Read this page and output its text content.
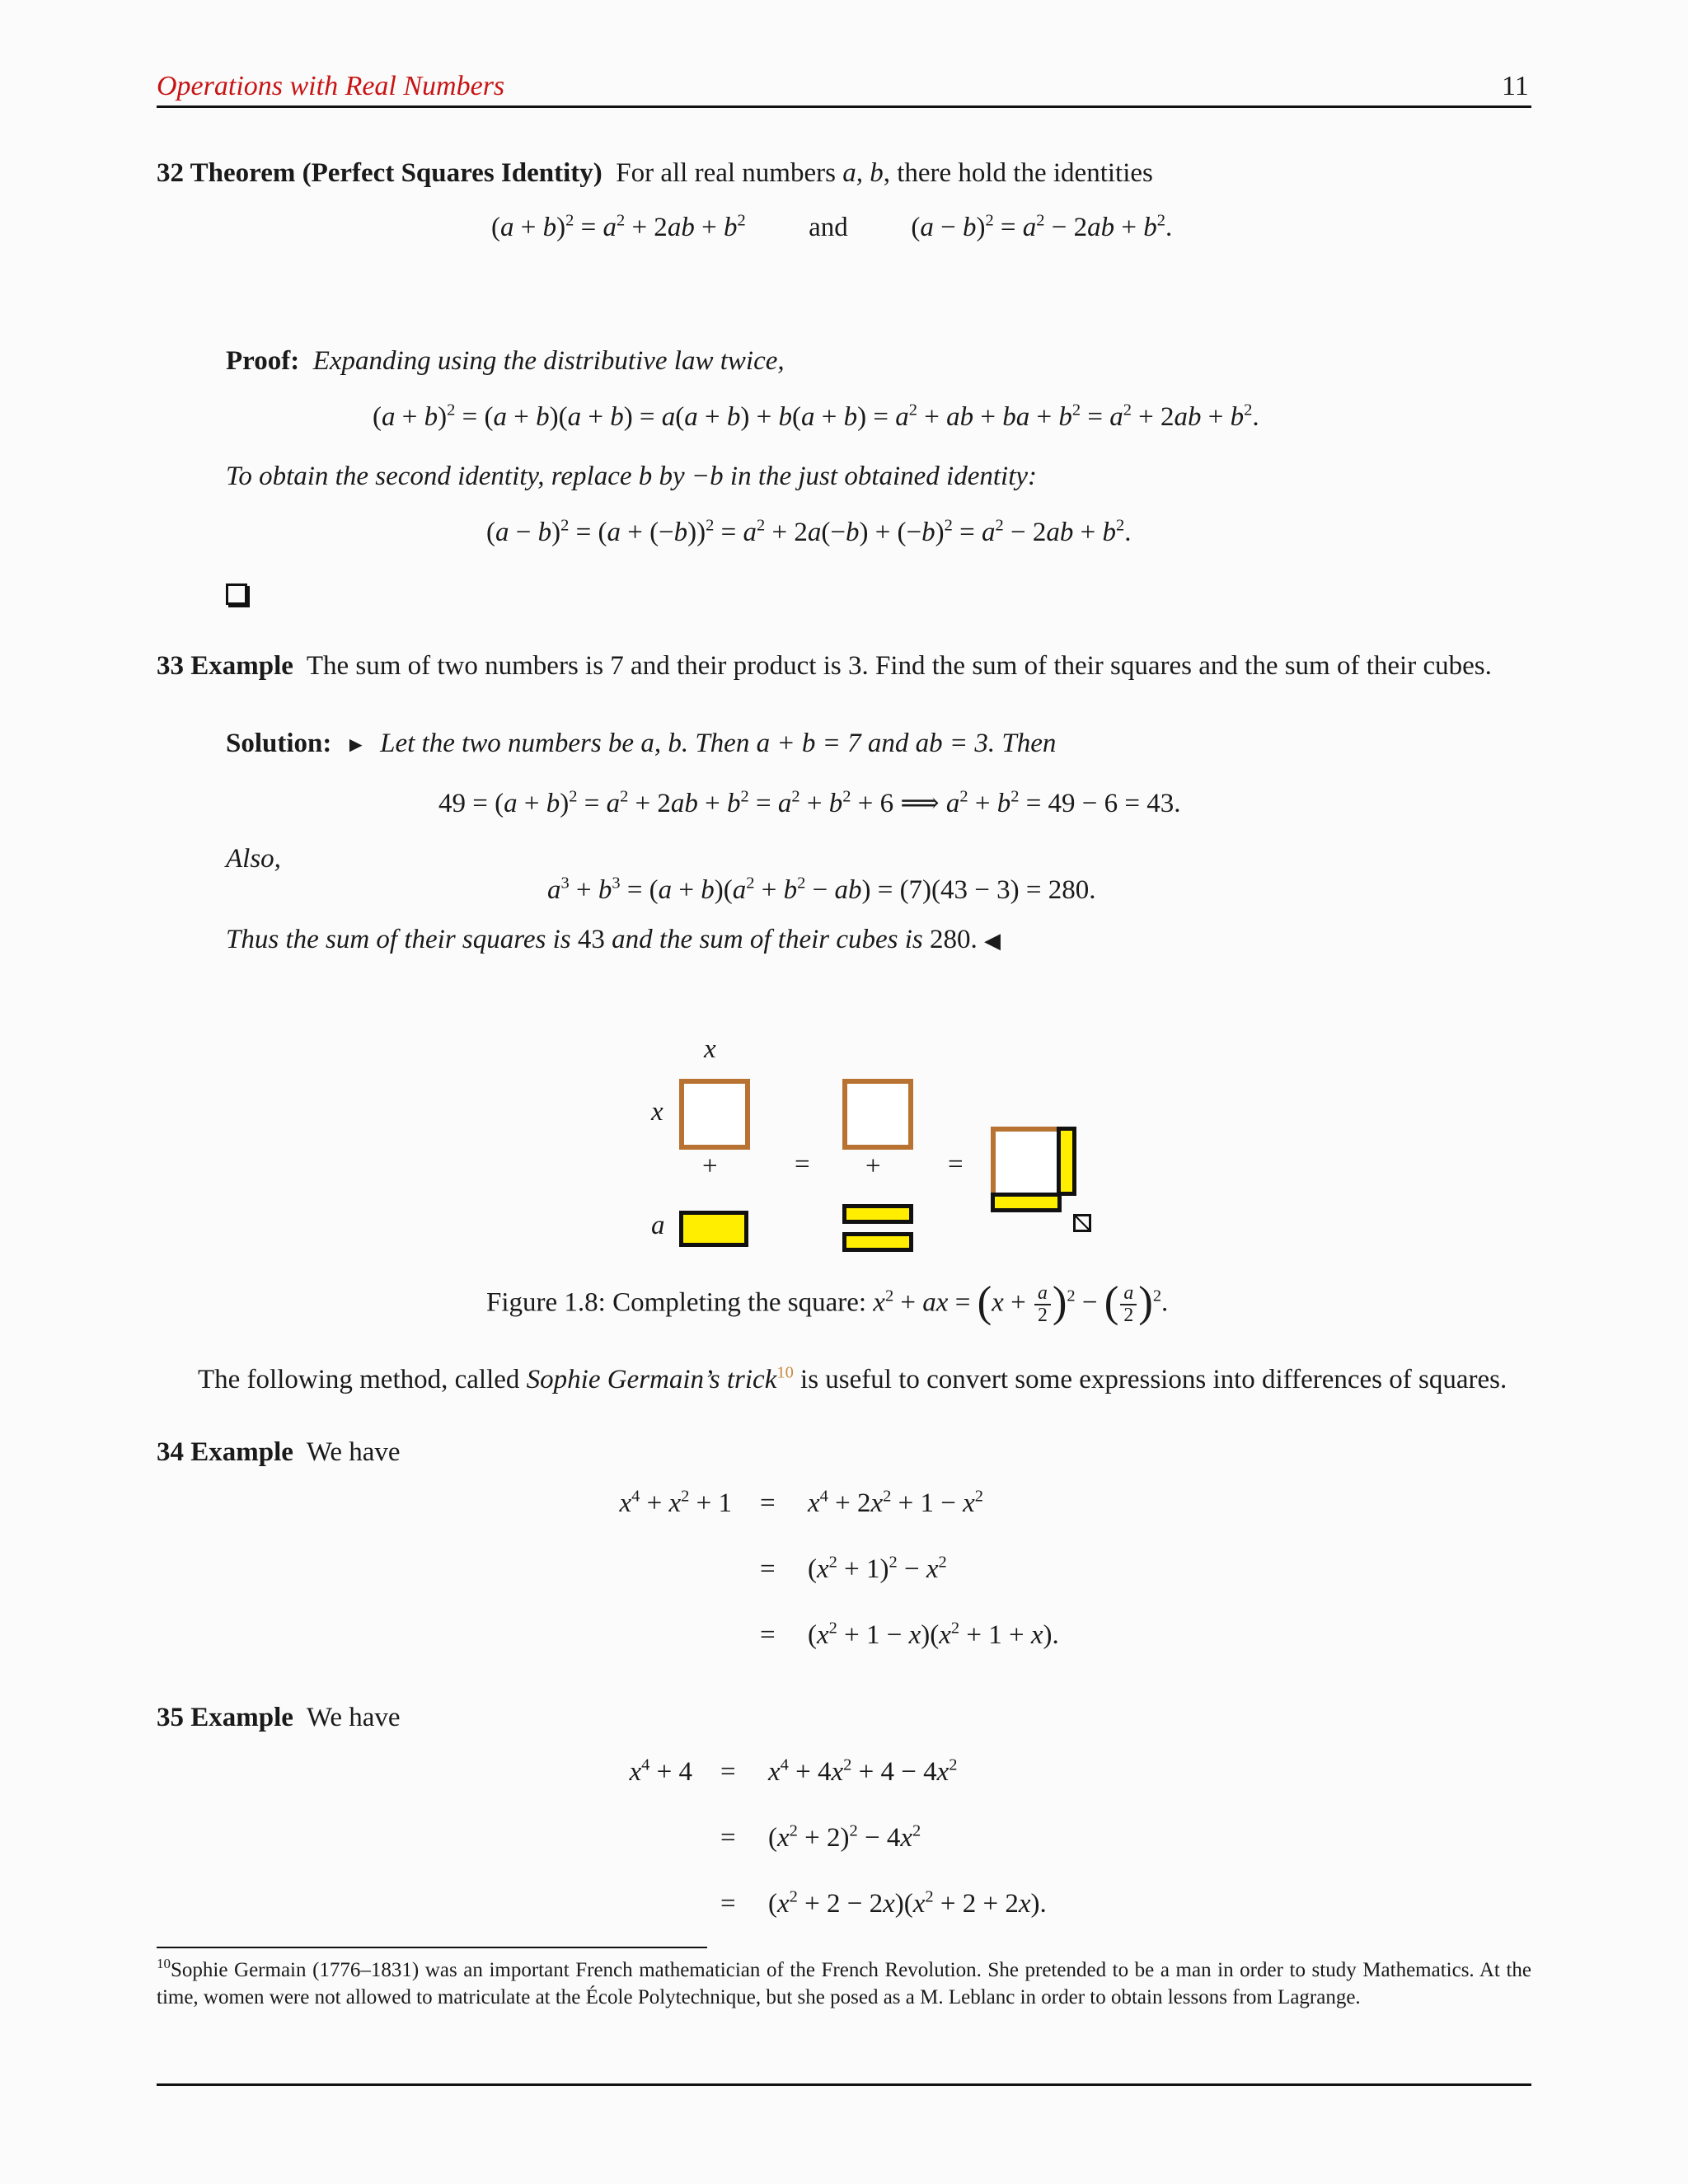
Operations with Real Numbers	11
32 Theorem (Perfect Squares Identity) For all real numbers a, b, there hold the identities
$(a + b)^2 = a^2 + 2ab + b^2$ and  $(a - b)^2 = a^2 - 2ab + b^2$.
Proof: Expanding using the distributive law twice,
$(a + b)^2 = (a + b)(a + b) = a(a + b) + b(a + b) = a^2$ + ab + ba + $b^2 = a^2 + 2ab + b^2$.
To obtain the second identity, replace b by −b in the just obtained identity:
$(a - b)^2 = (a + (-b))^2 = a^2 + 2a(-b) + (-b)^2 = a^2 - 2ab + b^2$.
33 Example The sum of two numbers is 7 and their product is 3. Find the sum of their squares and the sum of their cubes.
Solution: ► Let the two numbers be a, b. Then a + b = 7 and ab = 3. Then
$49 = (a + b)^2 = a^2 + 2ab + b^2 = a^2 + b^2 + 6$ ⟹ $a^2 + b^2 = 49 - 6 = 43$.
Also,
$a^3 + b^3 = (a + b)(a^2 + b^2 - ab) = (7)(43 - 3) = 280$.
Thus the sum of their squares is 43 and the sum of their cubes is 280. ◀
x
x
a
+	= + =
Figure 1.8: Completing the square: $x^2$ + ax = $(x + \frac{a}{2} )^2$ − ( $\frac{a}{2} )^2$.
The following method, called Sophie Germain’s trick$^{10}$ is useful to convert some expressions into differences of squares.
34 Example We have
$x^4 + x^2 + 1 = x^4 + 2x^2 + 1 - x^2$
= $(x^2 + 1)^2 - x^2$
= $(x^2 + 1 - x)(x^2 + 1 + x)$.
35 Example We have
$x^4 + 4 = x^4 + 4x^2 + 4 - 4x^2$
= $(x^2 + 2)^2 - 4x^2$
= $(x^2 + 2 - 2x)(x^2 + 2 + 2x)$.
$^{10}$Sophie Germain (1776–1831) was an important French mathematician of the French Revolution. She pretended to be a man in order to study Mathematics. At the time, women were not allowed to matriculate at the École Polytechnique, but she posed as a M. Leblanc in order to obtain lessons from Lagrange.
